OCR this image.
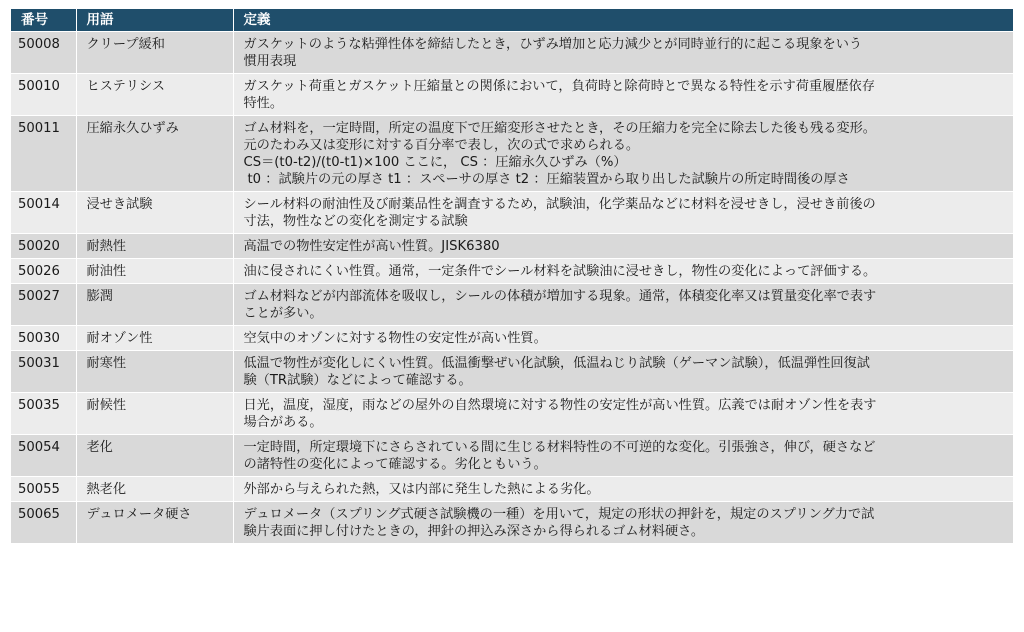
番号	用語	定義
50008	クリープ緩和	ガスケットのような粘弾性体を締結したとき，ひずみ増加と応力減少とが同時並行的に起こる現象をいう
慣用表現

50010	ヒステリシス	ガスケット荷重とガスケット圧縮量との関係において，負荷時と除荷時とで異なる特性を示す荷重履歴依存
特性。

50011	圧縮永久ひずみ	ゴム材料を，一定時間，所定の温度下で圧縮変形させたとき，その圧縮力を完全に除去した後も残る変形。
元のたわみ又は変形に対する百分率で表し，次の式で求められる。
CS＝(t0-t2)/(t0-t1)×100 ここに， CS ：圧縮永久ひずみ（%）
t0 ：試験片の元の厚さ t1 ：スペーサの厚さ t2 ：圧縮装置から取り出した試験片の所定時間後の厚さ

50014	浸せき試験	シール材料の耐油性及び耐薬品性を調査するため，試験油，化学薬品などに材料を浸せきし，浸せき前後の
寸法，物性などの変化を測定する試験

50020	耐熱性	高温での物性安定性が高い性質。JISK6380

50026	耐油性	油に侵されにくい性質。通常，一定条件でシール材料を試験油に浸せきし，物性の変化によって評価する。

50027	膨潤	ゴム材料などが内部流体を吸収し，シールの体積が増加する現象。通常，体積変化率又は質量変化率で表す
ことが多い。

50030	耐オゾン性	空気中のオゾンに対する物性の安定性が高い性質。

50031	耐寒性	低温で物性が変化しにくい性質。低温衝撃ぜい化試験，低温ねじり試験（ゲーマン試験），低温弾性回復試
験（TR試験）などによって確認する。

50035	耐候性	日光，温度，湿度，雨などの屋外の自然環境に対する物性の安定性が高い性質。広義では耐オゾン性を表す
場合がある。

50054	老化	一定時間，所定環境下にさらされている間に生じる材料特性の不可逆的な変化。引張強さ，伸び，硬さなど
の諸特性の変化によって確認する。劣化ともいう。

50055	熱老化	外部から与えられた熱，又は内部に発生した熱による劣化。

50065	デュロメータ硬さ	デュロメータ（スプリング式硬さ試験機の一種）を用いて，規定の形状の押針を，規定のスプリング力で試
験片表面に押し付けたときの，押針の押込み深さから得られるゴム材料硬さ。
